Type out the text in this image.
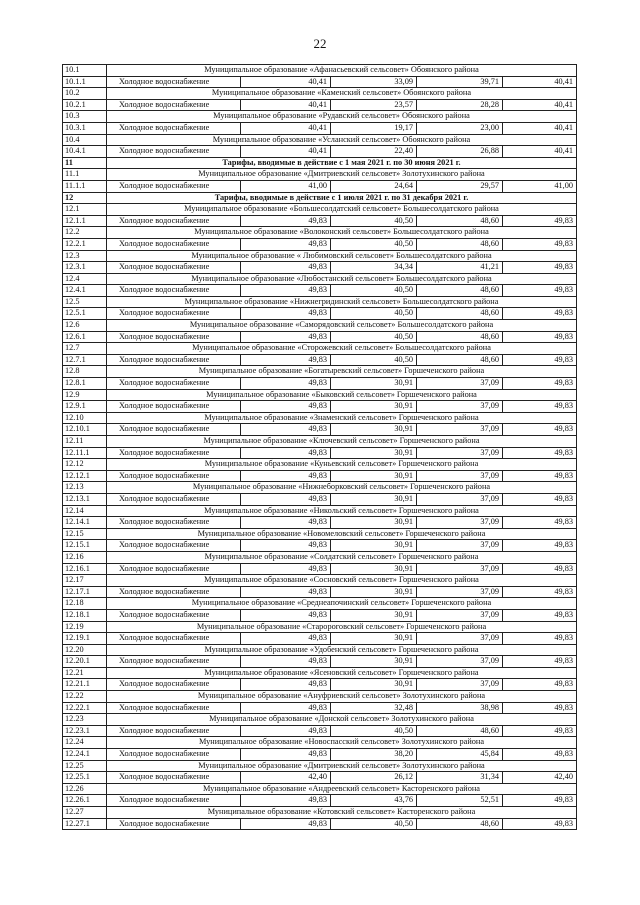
22
10.1	Муниципальное образование «Афанасьевский сельсовет» Обоянского района				
10.1.1	Холодное водоснабжение	40,41	33,09	39,71	40,41
10.2	Муниципальное образование «Каменский сельсовет» Обоянского района				
10.2.1	Холодное водоснабжение	40,41	23,57	28,28	40,41
10.3	Муниципальное образование «Рудавский сельсовет» Обоянского района				
10.3.1	Холодное водоснабжение	40,41	19,17	23,00	40,41
10.4	Муниципальное образование «Усланский сельсовет» Обоянского района				
10.4.1	Холодное водоснабжение	40,41	22,40	26,88	40,41
11	Тарифы, вводимые в действие с 1 мая 2021 г. по 30 июня 2021 г.				
11.1	Муниципальное образование «Дмитриевский сельсовет» Золотухинского района				
11.1.1	Холодное водоснабжение	41,00	24,64	29,57	41,00
12	Тарифы, вводимые в действие с 1 июля 2021 г. по 31 декабря 2021 г.				
12.1	Муниципальное образование «Большесолдатский сельсовет» Большесолдатского района				
12.1.1	Холодное водоснабжение	49,83	40,50	48,60	49,83
12.2	Муниципальное образование «Волоконский сельсовет» Большесолдатского района				
12.2.1	Холодное водоснабжение	49,83	40,50	48,60	49,83
12.3	Муниципальное образование « Любимовский сельсовет» Большесолдатского района				
12.3.1	Холодное водоснабжение	49,83	34,34	41,21	49,83
12.4	Муниципальное образование «Любостанский сельсовет» Большесолдатского района				
12.4.1	Холодное водоснабжение	49,83	40,50	48,60	49,83
12.5	Муниципальное образование «Нижнегридинский сельсовет» Большесолдатского района				
12.5.1	Холодное водоснабжение	49,83	40,50	48,60	49,83
12.6	Муниципальное образование «Саморядовский сельсовет» Большесолдатского района				
12.6.1	Холодное водоснабжение	49,83	40,50	48,60	49,83
12.7	Муниципальное образование «Сторожевский сельсовет» Большесолдатского района				
12.7.1	Холодное водоснабжение	49,83	40,50	48,60	49,83
12.8	Муниципальное образование «Богатыревский сельсовет» Горшеченского района				
12.8.1	Холодное водоснабжение	49,83	30,91	37,09	49,83
12.9	Муниципальное образование «Быковский сельсовет» Горшеченского района				
12.9.1	Холодное водоснабжение	49,83	30,91	37,09	49,83
12.10	Муниципальное образование «Знаменский сельсовет» Горшеченского района				
12.10.1	Холодное водоснабжение	49,83	30,91	37,09	49,83
12.11	Муниципальное образование «Ключевский сельсовет» Горшеченского района				
12.11.1	Холодное водоснабжение	49,83	30,91	37,09	49,83
12.12	Муниципальное образование «Куньевский сельсовет» Горшеченского района				
12.12.1	Холодное водоснабжение	49,83	30,91	37,09	49,83
12.13	Муниципальное образование «Нижнеборковский сельсовет» Горшеченского района				
12.13.1	Холодное водоснабжение	49,83	30,91	37,09	49,83
12.14	Муниципальное образование «Никольский сельсовет» Горшеченского района				
12.14.1	Холодное водоснабжение	49,83	30,91	37,09	49,83
12.15	Муниципальное образование «Новомеловский сельсовет» Горшеченского района				
12.15.1	Холодное водоснабжение	49,83	30,91	37,09	49,83
12.16	Муниципальное образование «Солдатский сельсовет» Горшеченского района				
12.16.1	Холодное водоснабжение	49,83	30,91	37,09	49,83
12.17	Муниципальное образование «Сосновский сельсовет» Горшеченского района				
12.17.1	Холодное водоснабжение	49,83	30,91	37,09	49,83
12.18	Муниципальное образование «Среднеапочинский сельсовет» Горшеченского района				
12.18.1	Холодное водоснабжение	49,83	30,91	37,09	49,83
12.19	Муниципальное образование «Старороговский сельсовет» Горшеченского района				
12.19.1	Холодное водоснабжение	49,83	30,91	37,09	49,83
12.20	Муниципальное образование «Удобенский сельсовет» Горшеченского района				
12.20.1	Холодное водоснабжение	49,83	30,91	37,09	49,83
12.21	Муниципальное образование «Ясеновский сельсовет» Горшеченского района				
12.21.1	Холодное водоснабжение	49,83	30,91	37,09	49,83
12.22	Муниципальное образование «Ануфриевский сельсовет» Золотухинского района				
12.22.1	Холодное водоснабжение	49,83	32,48	38,98	49,83
12.23	Муниципальное образование «Донской сельсовет» Золотухинского района				
12.23.1	Холодное водоснабжение	49,83	40,50	48,60	49,83
12.24	Муниципальное образование «Новоспасский сельсовет» Золотухинского района				
12.24.1	Холодное водоснабжение	49,83	38,20	45,84	49,83
12.25	Муниципальное образование «Дмитриевский сельсовет» Золотухинского района				
12.25.1	Холодное водоснабжение	42,40	26,12	31,34	42,40
12.26	Муниципальное образование «Андреевский сельсовет» Касторенского района				
12.26.1	Холодное водоснабжение	49,83	43,76	52,51	49,83
12.27	Муниципальное образование «Котовский сельсовет» Касторенского района				
12.27.1	Холодное водоснабжение	49,83	40,50	48,60	49,83
